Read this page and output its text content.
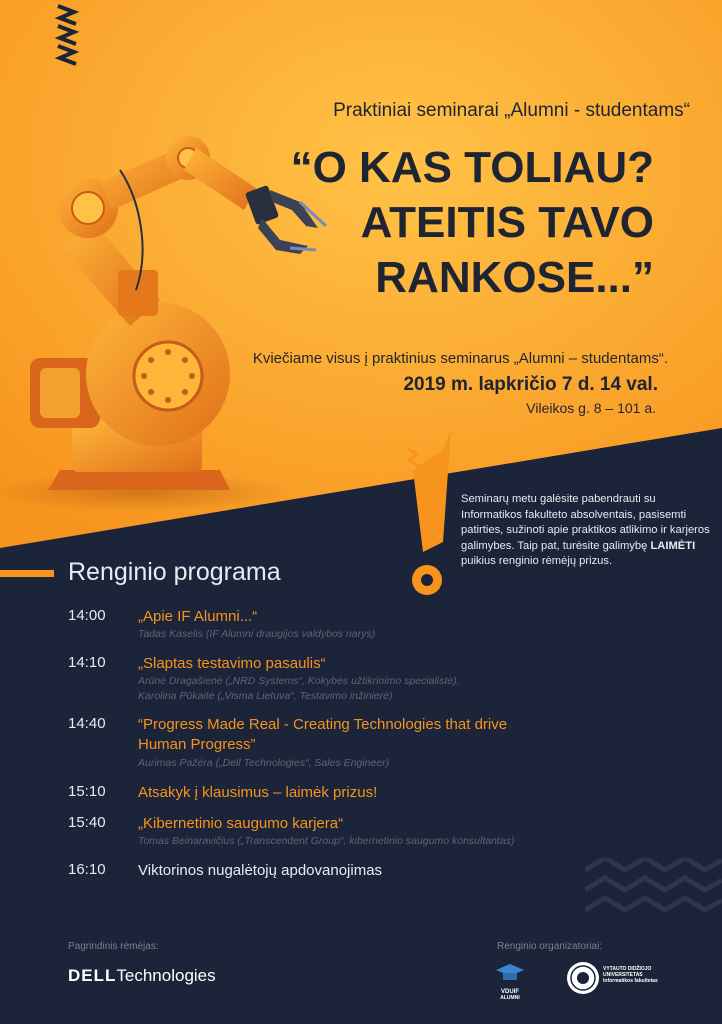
Praktiniai seminarai „Alumni - studentams“
“O KAS TOLIAU?
ATEITIS TAVO
RANKOSE...”
Kviečiame visus į praktinius seminarus „Alumni – studentams“.
2019 m. lapkričio 7 d. 14 val.
Vileikos g. 8 – 101 a.
Seminarų metu galėsite pabendrauti su Informatikos fakulteto absolventais, pasisemti patirties, sužinoti apie praktikos atlikimo ir karjeros galimybes. Taip pat, turėsite galimybę LAIMĖTI puikius renginio rėmėjų prizus.
Renginio programa
14:00 „Apie IF Alumni...“
Tadas Kaselis (IF Alumni draugijos valdybos narys)
14:10 „Slaptas testavimo pasaulis“
Arūnė Dragašienė („NRD Systems“, Kokybės užtikrinimo specialistė),
Karolina Pūkaitė („Visma Lietuva“, Testavimo inžinierė)
14:40 “Progress Made Real - Creating Technologies that drive
Human Progress”
Aurimas Pažėra („Dell Technologies“, Sales Engineer)
15:10 Atsakyk į klausimus – laimėk prizus!
15:40 „Kibernetinio saugumo karjera“
Tomas Beinaravičius („Transcendent Group“, kibernetinio saugumo konsultantas)
16:10 Viktorinos nugalėtojų apdovanojimas
Pagrindinis rėmėjas:
DELLTechnologies
Renginio organizatoriai:
VDUIF
ALUMNI
VYTAUTO DIDŽIOJO UNIVERSITETAS Informatikos fakultetas
